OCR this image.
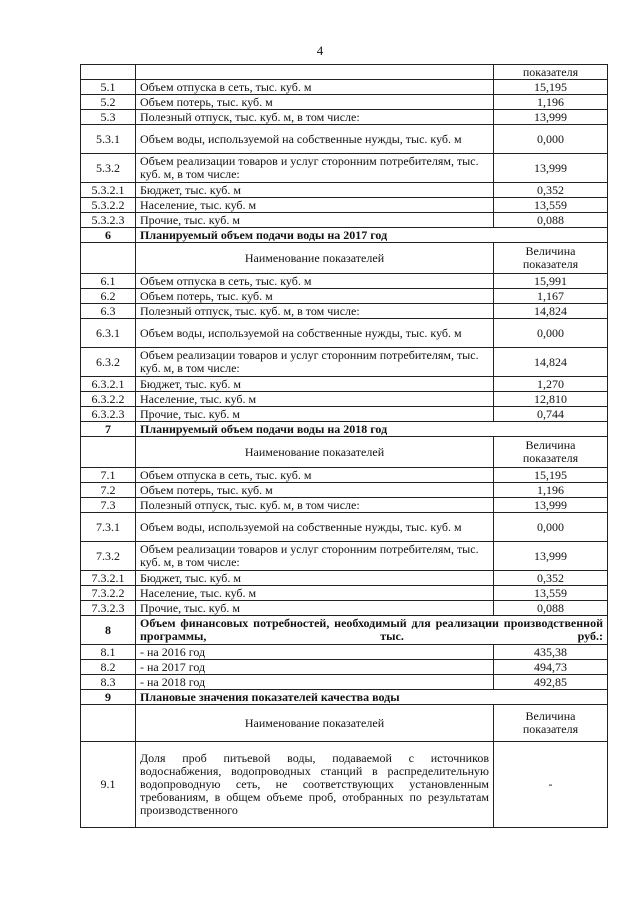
4
		показателя
5.1	Объем отпуска в сеть, тыс. куб. м	15,195
5.2	Объем потерь, тыс. куб. м	1,196
5.3	Полезный отпуск, тыс. куб. м, в том числе:	13,999
5.3.1	Объем воды, используемой на собственные нужды, тыс. куб. м	0,000
5.3.2	Объем реализации товаров и услуг сторонним потребителям, тыс. куб. м, в том числе:	13,999
5.3.2.1	Бюджет, тыс. куб. м	0,352
5.3.2.2	Население, тыс. куб. м	13,559
5.3.2.3	Прочие, тыс. куб. м	0,088
6	Планируемый объем подачи воды на 2017 год	
	Наименование показателей	Величина показателя
6.1	Объем отпуска в сеть, тыс. куб. м	15,991
6.2	Объем потерь, тыс. куб. м	1,167
6.3	Полезный отпуск, тыс. куб. м, в том числе:	14,824
6.3.1	Объем воды, используемой на собственные нужды, тыс. куб. м	0,000
6.3.2	Объем реализации товаров и услуг сторонним потребителям, тыс. куб. м, в том числе:	14,824
6.3.2.1	Бюджет, тыс. куб. м	1,270
6.3.2.2	Население, тыс. куб. м	12,810
6.3.2.3	Прочие, тыс. куб. м	0,744
7	Планируемый объем подачи воды на 2018 год	
	Наименование показателей	Величина показателя
7.1	Объем отпуска в сеть, тыс. куб. м	15,195
7.2	Объем потерь, тыс. куб. м	1,196
7.3	Полезный отпуск, тыс. куб. м, в том числе:	13,999
7.3.1	Объем воды, используемой на собственные нужды, тыс. куб. м	0,000
7.3.2	Объем реализации товаров и услуг сторонним потребителям, тыс. куб. м, в том числе:	13,999
7.3.2.1	Бюджет, тыс. куб. м	0,352
7.3.2.2	Население, тыс. куб. м	13,559
7.3.2.3	Прочие, тыс. куб. м	0,088
8	Объем финансовых потребностей, необходимый для реализации производственной программы, тыс. руб.:	
8.1	- на 2016 год	435,38
8.2	- на 2017 год	494,73
8.3	- на 2018 год	492,85
9	Плановые значения показателей качества воды	
	Наименование показателей	Величина показателя
9.1	Доля проб питьевой воды, подаваемой с источников водоснабжения, водопроводных станций в распределительную водопроводную сеть, не соответствующих установленным требованиям, в общем объеме проб, отобранных по результатам производственного	-
